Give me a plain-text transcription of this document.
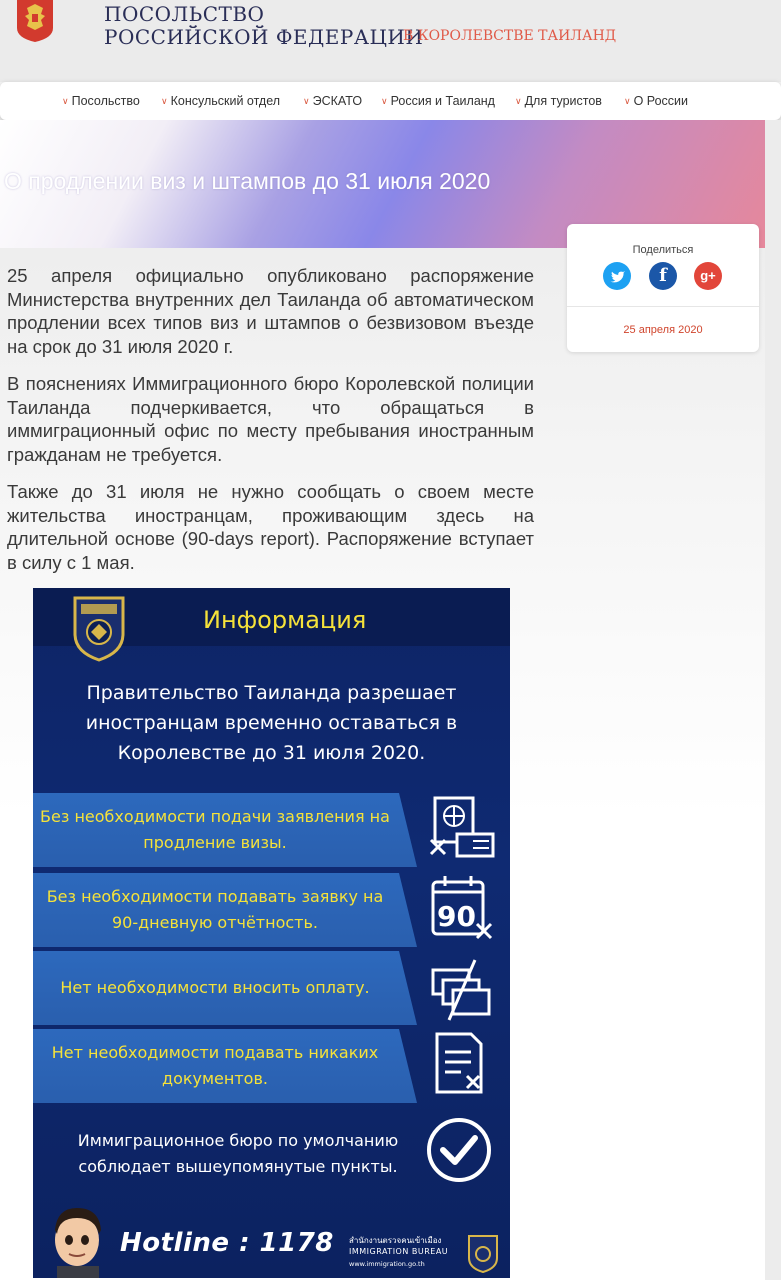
ПОСОЛЬСТВО
РОССИЙСКОЙ ФЕДЕРАЦИИ
В КОРОЛЕВСТВЕ ТАИЛАНД
∨ Посольство ∨ Консульский отдел	∨ ЭСКАТО ∨ Россия и Таиланд ∨ Для туристов ∨ О России
О продлении виз и штампов до 31 июля 2020

25 апреля официально опубликовано распоряжение Министерства внутренних дел Таиланда об автоматическом продлении всех типов виз и штампов о безвизовом въезде на срок до 31 июля 2020 г.

В пояснениях Иммиграционного бюро Королевской полиции Таиланда подчеркивается, что обращаться в иммиграционный офис по месту пребывания иностранным гражданам не требуется.

Также до 31 июля не нужно сообщать о своем месте жительства иностранцам, проживающим здесь на длительной основе (90-days report). Распоряжение вступает в силу с 1 мая.

Поделиться
f	g+
25 апреля 2020
Информация
Правительство Таиланда разрешает иностранцам временно оставаться в Королевстве до 31 июля 2020.
Без необходимости подачи заявления на продление визы.
Без необходимости подавать заявку на 90-дневную отчётность.	90
Нет необходимости вносить оплату.
Нет необходимости подавать никаких документов.
Иммиграционное бюро по умолчанию соблюдает вышеупомянутые пункты.
Hotline : 1178 สำนักงานตรวจคนเข้าเมือง
IMMIGRATION BUREAU
www.immigration.go.th
